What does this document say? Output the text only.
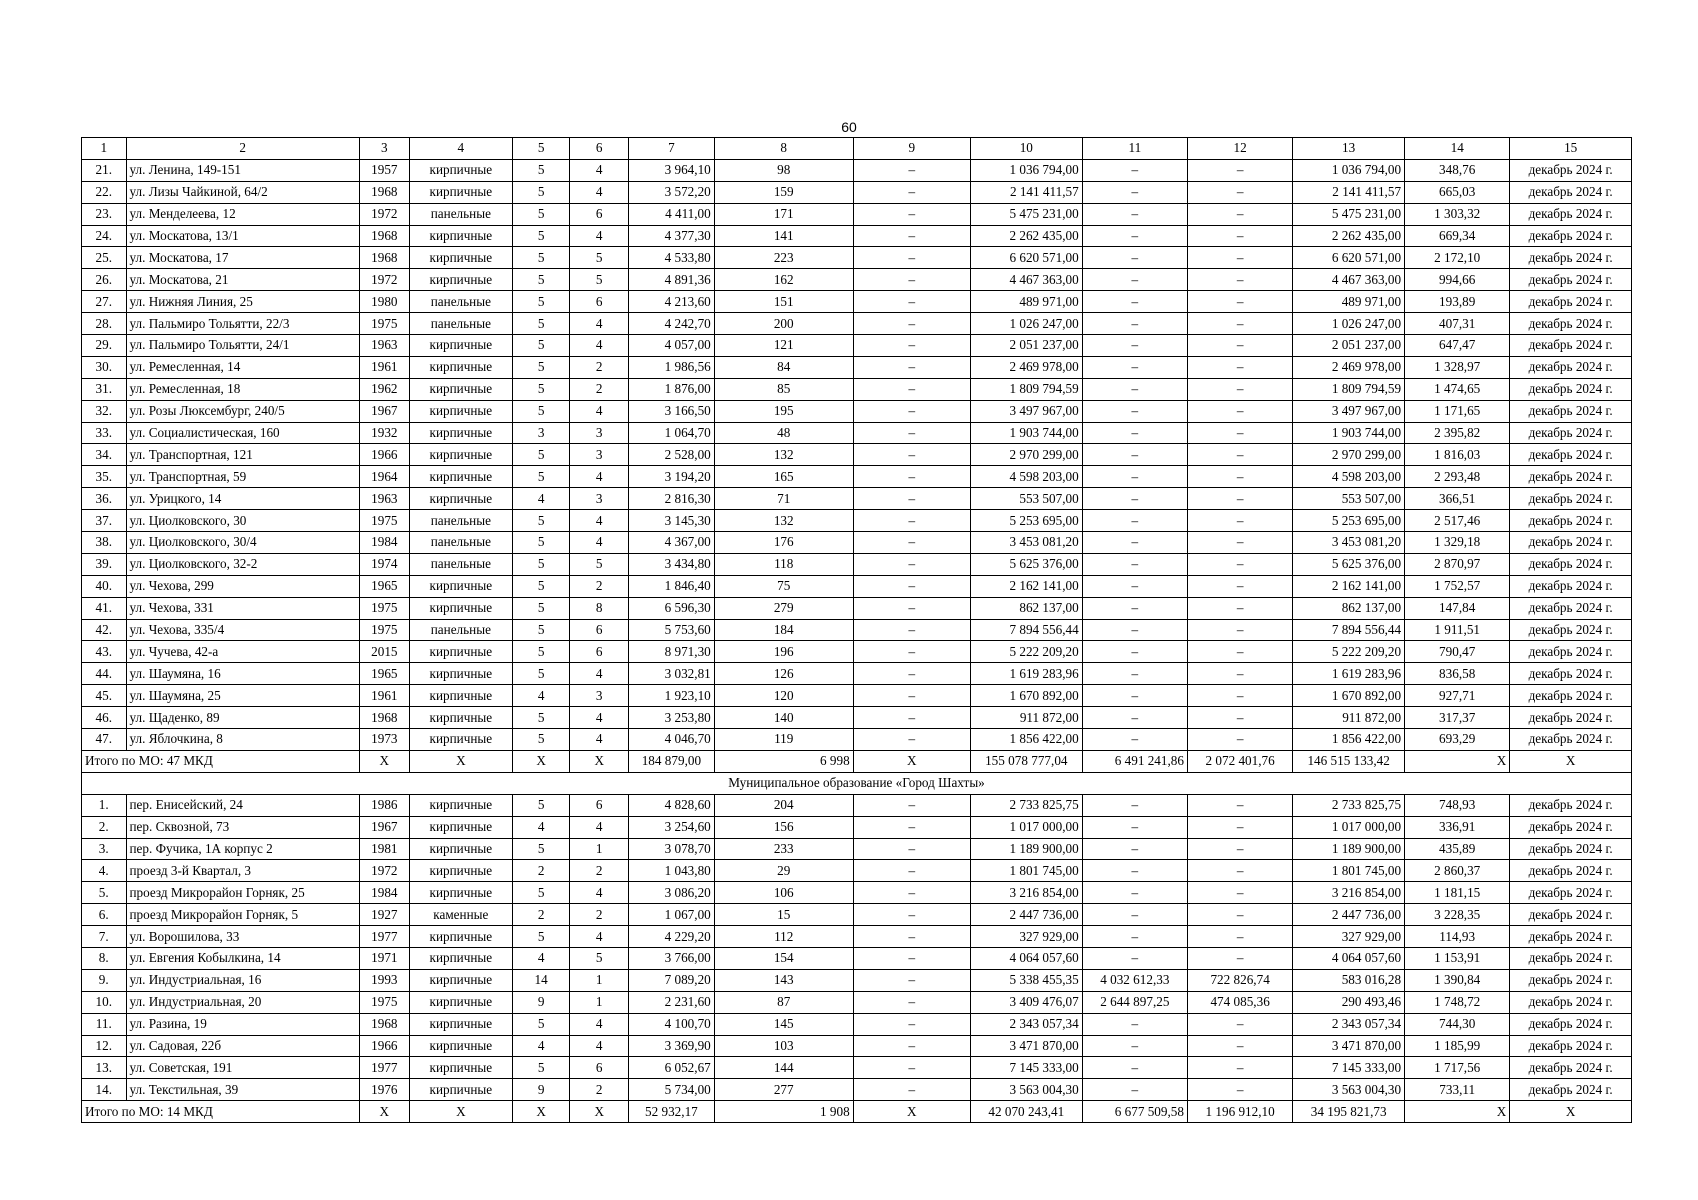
60
1	2	3	4	5	6	7	8	9	10	11	12	13	14	15
21.	ул. Ленина, 149-151	1957	кирпичные	5	4	3 964,10	98	–	1 036 794,00	–	–	1 036 794,00	348,76	декабрь 2024 г.
22.	ул. Лизы Чайкиной, 64/2	1968	кирпичные	5	4	3 572,20	159	–	2 141 411,57	–	–	2 141 411,57	665,03	декабрь 2024 г.
23.	ул. Менделеева, 12	1972	панельные	5	6	4 411,00	171	–	5 475 231,00	–	–	5 475 231,00	1 303,32	декабрь 2024 г.
24.	ул. Москатова, 13/1	1968	кирпичные	5	4	4 377,30	141	–	2 262 435,00	–	–	2 262 435,00	669,34	декабрь 2024 г.
25.	ул. Москатова, 17	1968	кирпичные	5	5	4 533,80	223	–	6 620 571,00	–	–	6 620 571,00	2 172,10	декабрь 2024 г.
26.	ул. Москатова, 21	1972	кирпичные	5	5	4 891,36	162	–	4 467 363,00	–	–	4 467 363,00	994,66	декабрь 2024 г.
27.	ул. Нижняя Линия, 25	1980	панельные	5	6	4 213,60	151	–	489 971,00	–	–	489 971,00	193,89	декабрь 2024 г.
28.	ул. Пальмиро Тольятти, 22/3	1975	панельные	5	4	4 242,70	200	–	1 026 247,00	–	–	1 026 247,00	407,31	декабрь 2024 г.
29.	ул. Пальмиро Тольятти, 24/1	1963	кирпичные	5	4	4 057,00	121	–	2 051 237,00	–	–	2 051 237,00	647,47	декабрь 2024 г.
30.	ул. Ремесленная, 14	1961	кирпичные	5	2	1 986,56	84	–	2 469 978,00	–	–	2 469 978,00	1 328,97	декабрь 2024 г.
31.	ул. Ремесленная, 18	1962	кирпичные	5	2	1 876,00	85	–	1 809 794,59	–	–	1 809 794,59	1 474,65	декабрь 2024 г.
32.	ул. Розы Люксембург, 240/5	1967	кирпичные	5	4	3 166,50	195	–	3 497 967,00	–	–	3 497 967,00	1 171,65	декабрь 2024 г.
33.	ул. Социалистическая, 160	1932	кирпичные	3	3	1 064,70	48	–	1 903 744,00	–	–	1 903 744,00	2 395,82	декабрь 2024 г.
34.	ул. Транспортная, 121	1966	кирпичные	5	3	2 528,00	132	–	2 970 299,00	–	–	2 970 299,00	1 816,03	декабрь 2024 г.
35.	ул. Транспортная, 59	1964	кирпичные	5	4	3 194,20	165	–	4 598 203,00	–	–	4 598 203,00	2 293,48	декабрь 2024 г.
36.	ул. Урицкого, 14	1963	кирпичные	4	3	2 816,30	71	–	553 507,00	–	–	553 507,00	366,51	декабрь 2024 г.
37.	ул. Циолковского, 30	1975	панельные	5	4	3 145,30	132	–	5 253 695,00	–	–	5 253 695,00	2 517,46	декабрь 2024 г.
38.	ул. Циолковского, 30/4	1984	панельные	5	4	4 367,00	176	–	3 453 081,20	–	–	3 453 081,20	1 329,18	декабрь 2024 г.
39.	ул. Циолковского, 32-2	1974	панельные	5	5	3 434,80	118	–	5 625 376,00	–	–	5 625 376,00	2 870,97	декабрь 2024 г.
40.	ул. Чехова, 299	1965	кирпичные	5	2	1 846,40	75	–	2 162 141,00	–	–	2 162 141,00	1 752,57	декабрь 2024 г.
41.	ул. Чехова, 331	1975	кирпичные	5	8	6 596,30	279	–	862 137,00	–	–	862 137,00	147,84	декабрь 2024 г.
42.	ул. Чехова, 335/4	1975	панельные	5	6	5 753,60	184	–	7 894 556,44	–	–	7 894 556,44	1 911,51	декабрь 2024 г.
43.	ул. Чучева, 42-а	2015	кирпичные	5	6	8 971,30	196	–	5 222 209,20	–	–	5 222 209,20	790,47	декабрь 2024 г.
44.	ул. Шаумяна, 16	1965	кирпичные	5	4	3 032,81	126	–	1 619 283,96	–	–	1 619 283,96	836,58	декабрь 2024 г.
45.	ул. Шаумяна, 25	1961	кирпичные	4	3	1 923,10	120	–	1 670 892,00	–	–	1 670 892,00	927,71	декабрь 2024 г.
46.	ул. Щаденко, 89	1968	кирпичные	5	4	3 253,80	140	–	911 872,00	–	–	911 872,00	317,37	декабрь 2024 г.
47.	ул. Яблочкина, 8	1973	кирпичные	5	4	4 046,70	119	–	1 856 422,00	–	–	1 856 422,00	693,29	декабрь 2024 г.
Итого по МО: 47 МКД		X	X	X	X	184 879,00	6 998	X	155 078 777,04	6 491 241,86	2 072 401,76	146 515 133,42	X	X
Муниципальное образование «Город Шахты»														
1.	пер. Енисейский, 24	1986	кирпичные	5	6	4 828,60	204	–	2 733 825,75	–	–	2 733 825,75	748,93	декабрь 2024 г.
2.	пер. Сквозной, 73	1967	кирпичные	4	4	3 254,60	156	–	1 017 000,00	–	–	1 017 000,00	336,91	декабрь 2024 г.
3.	пер. Фучика, 1А корпус 2	1981	кирпичные	5	1	3 078,70	233	–	1 189 900,00	–	–	1 189 900,00	435,89	декабрь 2024 г.
4.	проезд 3-й Квартал, 3	1972	кирпичные	2	2	1 043,80	29	–	1 801 745,00	–	–	1 801 745,00	2 860,37	декабрь 2024 г.
5.	проезд Микрорайон Горняк, 25	1984	кирпичные	5	4	3 086,20	106	–	3 216 854,00	–	–	3 216 854,00	1 181,15	декабрь 2024 г.
6.	проезд Микрорайон Горняк, 5	1927	каменные	2	2	1 067,00	15	–	2 447 736,00	–	–	2 447 736,00	3 228,35	декабрь 2024 г.
7.	ул. Ворошилова, 33	1977	кирпичные	5	4	4 229,20	112	–	327 929,00	–	–	327 929,00	114,93	декабрь 2024 г.
8.	ул. Евгения Кобылкина, 14	1971	кирпичные	4	5	3 766,00	154	–	4 064 057,60	–	–	4 064 057,60	1 153,91	декабрь 2024 г.
9.	ул. Индустриальная, 16	1993	кирпичные	14	1	7 089,20	143	–	5 338 455,35	4 032 612,33	722 826,74	583 016,28	1 390,84	декабрь 2024 г.
10.	ул. Индустриальная, 20	1975	кирпичные	9	1	2 231,60	87	–	3 409 476,07	2 644 897,25	474 085,36	290 493,46	1 748,72	декабрь 2024 г.
11.	ул. Разина, 19	1968	кирпичные	5	4	4 100,70	145	–	2 343 057,34	–	–	2 343 057,34	744,30	декабрь 2024 г.
12.	ул. Садовая, 22б	1966	кирпичные	4	4	3 369,90	103	–	3 471 870,00	–	–	3 471 870,00	1 185,99	декабрь 2024 г.
13.	ул. Советская, 191	1977	кирпичные	5	6	6 052,67	144	–	7 145 333,00	–	–	7 145 333,00	1 717,56	декабрь 2024 г.
14.	ул. Текстильная, 39	1976	кирпичные	9	2	5 734,00	277	–	3 563 004,30	–	–	3 563 004,30	733,11	декабрь 2024 г.
Итого по МО: 14 МКД		X	X	X	X	52 932,17	1 908	X	42 070 243,41	6 677 509,58	1 196 912,10	34 195 821,73	X	X
